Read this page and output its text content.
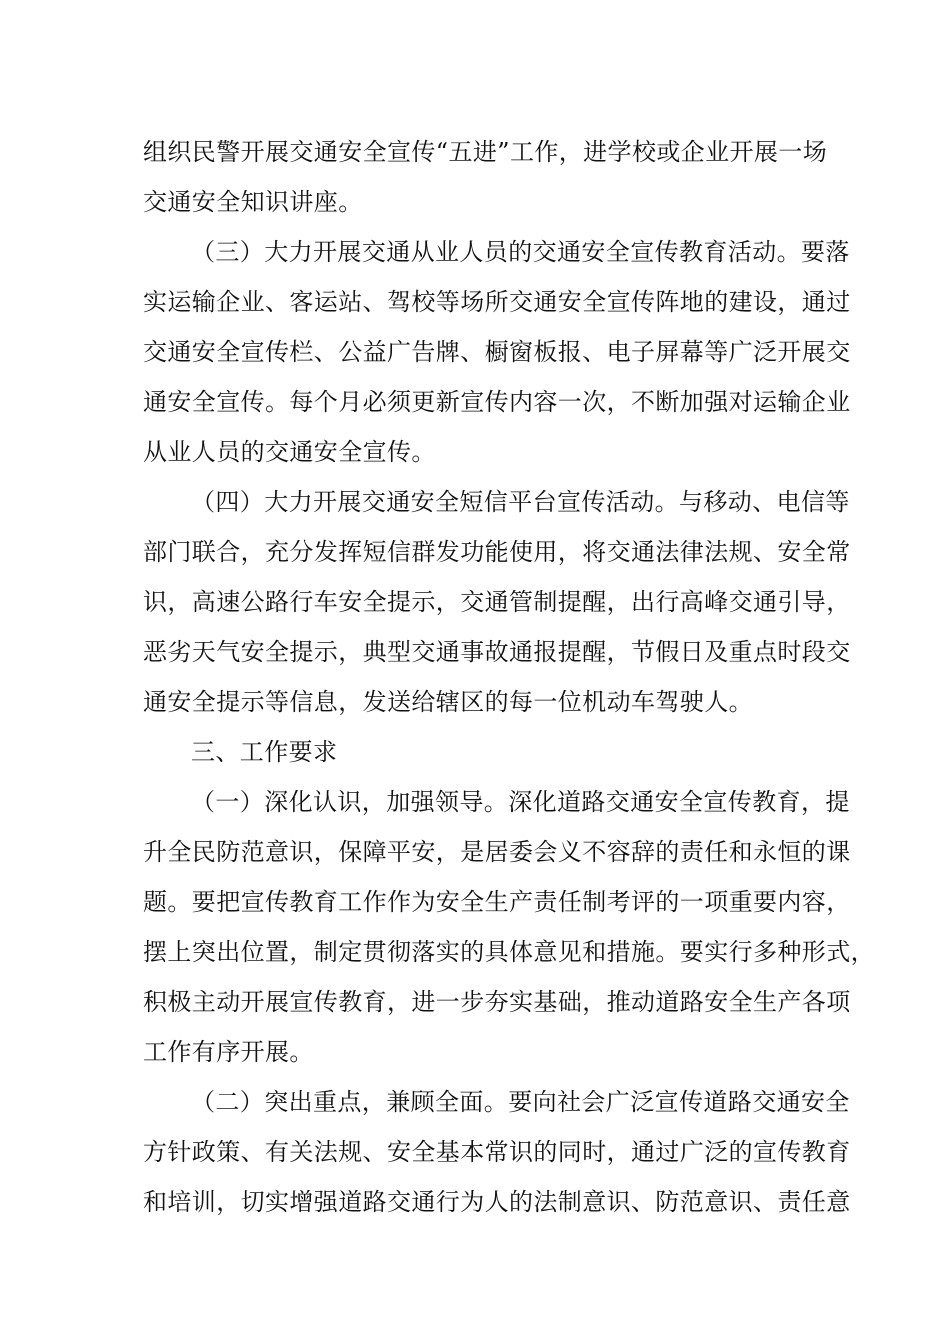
组织民警开展交通安全宣传“五进”工作，进学校或企业开展一场
交通安全知识讲座。
（三）大力开展交通从业人员的交通安全宣传教育活动。要落
实运输企业、客运站、驾校等场所交通安全宣传阵地的建设，通过
交通安全宣传栏、公益广告牌、橱窗板报、电子屏幕等广泛开展交
通安全宣传。每个月必须更新宣传内容一次，不断加强对运输企业
从业人员的交通安全宣传。
（四）大力开展交通安全短信平台宣传活动。与移动、电信等
部门联合，充分发挥短信群发功能使用，将交通法律法规、安全常
识，高速公路行车安全提示，交通管制提醒，出行高峰交通引导，
恶劣天气安全提示，典型交通事故通报提醒，节假日及重点时段交
通安全提示等信息，发送给辖区的每一位机动车驾驶人。
三、工作要求
（一）深化认识，加强领导。深化道路交通安全宣传教育，提
升全民防范意识，保障平安，是居委会义不容辞的责任和永恒的课
题。要把宣传教育工作作为安全生产责任制考评的一项重要内容，
摆上突出位置，制定贯彻落实的具体意见和措施。要实行多种形式，
积极主动开展宣传教育，进一步夯实基础，推动道路安全生产各项
工作有序开展。
（二）突出重点，兼顾全面。要向社会广泛宣传道路交通安全
方针政策、有关法规、安全基本常识的同时，通过广泛的宣传教育
和培训，切实增强道路交通行为人的法制意识、防范意识、责任意
